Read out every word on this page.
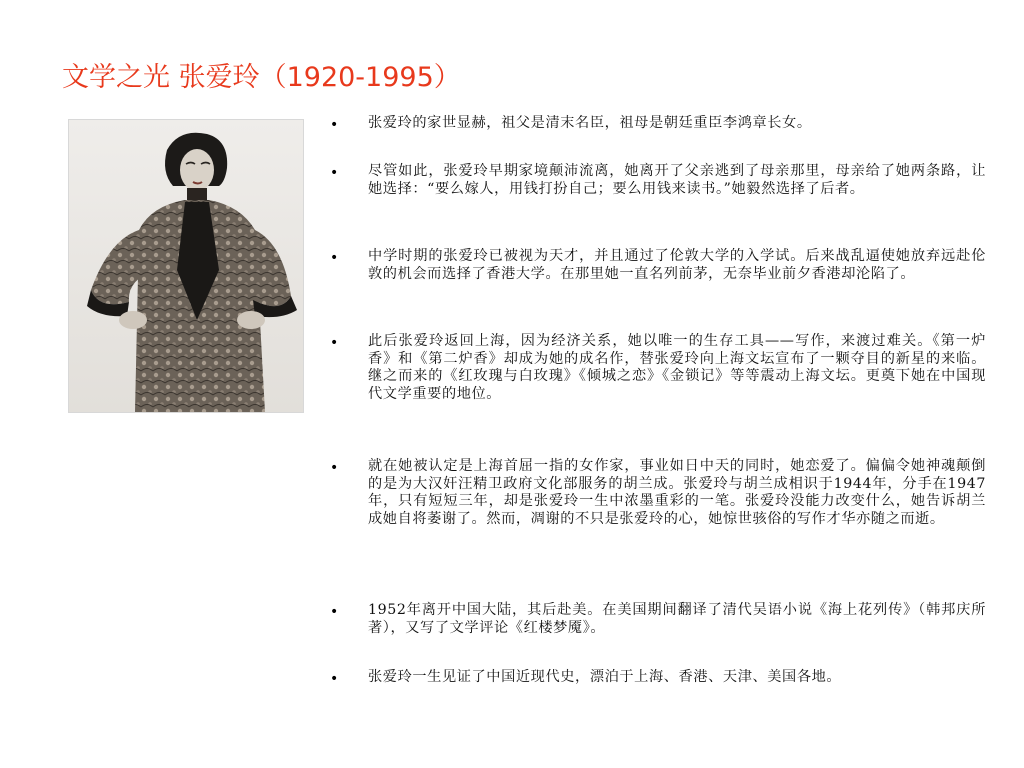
文学之光 张爱玲（1920-1995）
• 张爱玲的家世显赫，祖父是清末名臣，祖母是朝廷重臣李鸿章长女。

• 尽管如此，张爱玲早期家境颠沛流离，她离开了父亲逃到了母亲那里，母亲给了她两条路，让她选择：“要么嫁人，用钱打扮自己；要么用钱来读书。”她毅然选择了后者。

• 中学时期的张爱玲已被视为天才，并且通过了伦敦大学的入学试。后来战乱逼使她放弃远赴伦敦的机会而选择了香港大学。在那里她一直名列前茅，无奈毕业前夕香港却沦陷了。

• 此后张爱玲返回上海，因为经济关系，她以唯一的生存工具——写作，来渡过难关。《第一炉香》和《第二炉香》却成为她的成名作，替张爱玲向上海文坛宣布了一颗夺目的新星的来临。继之而来的《红玫瑰与白玫瑰》《倾城之恋》《金锁记》等等震动上海文坛。更奠下她在中国现代文学重要的地位。

• 就在她被认定是上海首屈一指的女作家，事业如日中天的同时，她恋爱了。偏偏令她神魂颠倒的是为大汉奸汪精卫政府文化部服务的胡兰成。张爱玲与胡兰成相识于1944年，分手在1947年，只有短短三年，却是张爱玲一生中浓墨重彩的一笔。张爱玲没能力改变什么，她告诉胡兰成她自将萎谢了。然而，凋谢的不只是张爱玲的心，她惊世骇俗的写作才华亦随之而逝。

• 1952年离开中国大陆，其后赴美。在美国期间翻译了清代吴语小说《海上花列传》（韩邦庆所著），又写了文学评论《红楼梦魇》。

• 张爱玲一生见证了中国近现代史，漂泊于上海、香港、天津、美国各地。
